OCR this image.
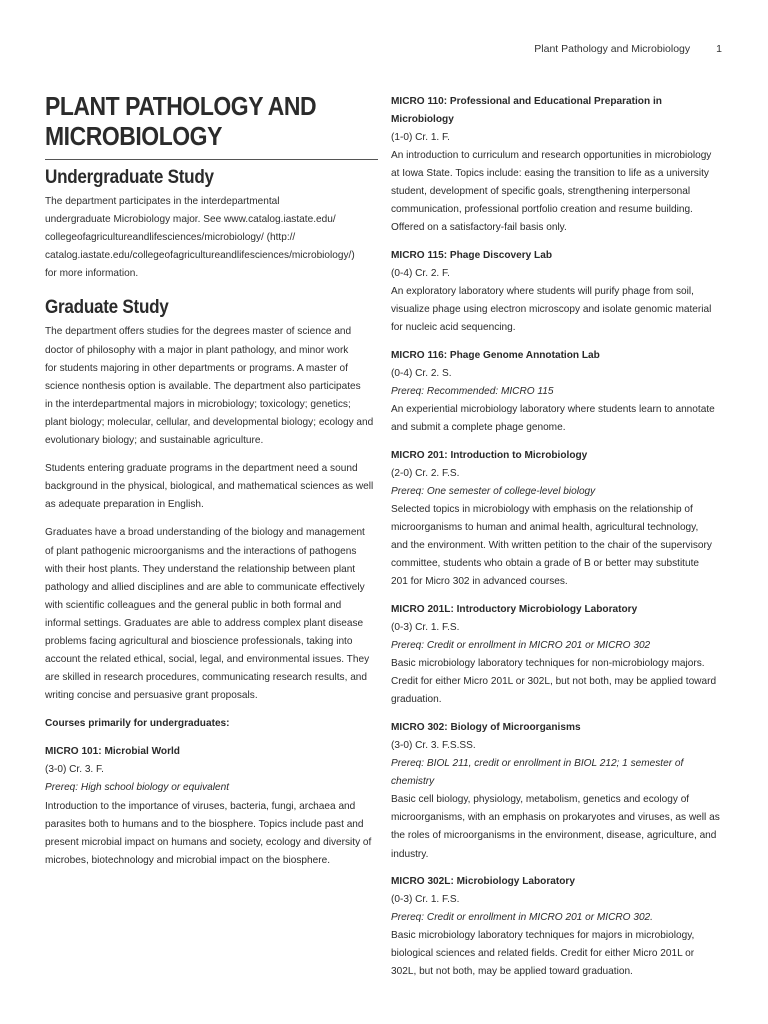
Plant Pathology and Microbiology 1
PLANT PATHOLOGY AND
MICROBIOLOGY
Undergraduate Study

The department participates in the interdepartmental
undergraduate Microbiology major. See www.catalog.iastate.edu/
collegeofagricultureandlifesciences/microbiology/ (http://
catalog.iastate.edu/collegeofagricultureandlifesciences/microbiology/)
for more information.

Graduate Study

The department offers studies for the degrees master of science and
doctor of philosophy with a major in plant pathology, and minor work
for students majoring in other departments or programs. A master of
science nonthesis option is available. The department also participates
in the interdepartmental majors in microbiology; toxicology; genetics;
plant biology; molecular, cellular, and developmental biology; ecology and
evolutionary biology; and sustainable agriculture.

Students entering graduate programs in the department need a sound
background in the physical, biological, and mathematical sciences as well
as adequate preparation in English.

Graduates have a broad understanding of the biology and management
of plant pathogenic microorganisms and the interactions of pathogens
with their host plants. They understand the relationship between plant
pathology and allied disciplines and are able to communicate effectively
with scientific colleagues and the general public in both formal and
informal settings. Graduates are able to address complex plant disease
problems facing agricultural and bioscience professionals, taking into
account the related ethical, social, legal, and environmental issues. They
are skilled in research procedures, communicating research results, and
writing concise and persuasive grant proposals.

Courses primarily for undergraduates:
MICRO 101: Microbial World
(3-0) Cr. 3. F.
Prereq: High school biology or equivalent
Introduction to the importance of viruses, bacteria, fungi, archaea and
parasites both to humans and to the biosphere. Topics include past and
present microbial impact on humans and society, ecology and diversity of
microbes, biotechnology and microbial impact on the biosphere.
MICRO 110: Professional and Educational Preparation in Microbiology
(1-0) Cr. 1. F.
An introduction to curriculum and research opportunities in microbiology
at Iowa State. Topics include: easing the transition to life as a university
student, development of specific goals, strengthening interpersonal
communication, professional portfolio creation and resume building.
Offered on a satisfactory-fail basis only.
MICRO 115: Phage Discovery Lab
(0-4) Cr. 2. F.
An exploratory laboratory where students will purify phage from soil,
visualize phage using electron microscopy and isolate genomic material
for nucleic acid sequencing.
MICRO 116: Phage Genome Annotation Lab
(0-4) Cr. 2. S.
Prereq: Recommended: MICRO 115
An experiential microbiology laboratory where students learn to annotate
and submit a complete phage genome.
MICRO 201: Introduction to Microbiology
(2-0) Cr. 2. F.S.
Prereq: One semester of college-level biology
Selected topics in microbiology with emphasis on the relationship of
microorganisms to human and animal health, agricultural technology,
and the environment. With written petition to the chair of the supervisory
committee, students who obtain a grade of B or better may substitute
201 for Micro 302 in advanced courses.
MICRO 201L: Introductory Microbiology Laboratory
(0-3) Cr. 1. F.S.
Prereq: Credit or enrollment in MICRO 201 or MICRO 302
Basic microbiology laboratory techniques for non-microbiology majors.
Credit for either Micro 201L or 302L, but not both, may be applied toward
graduation.
MICRO 302: Biology of Microorganisms
(3-0) Cr. 3. F.S.SS.
Prereq: BIOL 211, credit or enrollment in BIOL 212; 1 semester of chemistry
Basic cell biology, physiology, metabolism, genetics and ecology of
microorganisms, with an emphasis on prokaryotes and viruses, as well as
the roles of microorganisms in the environment, disease, agriculture, and
industry.
MICRO 302L: Microbiology Laboratory
(0-3) Cr. 1. F.S.
Prereq: Credit or enrollment in MICRO 201 or MICRO 302.
Basic microbiology laboratory techniques for majors in microbiology,
biological sciences and related fields. Credit for either Micro 201L or
302L, but not both, may be applied toward graduation.
